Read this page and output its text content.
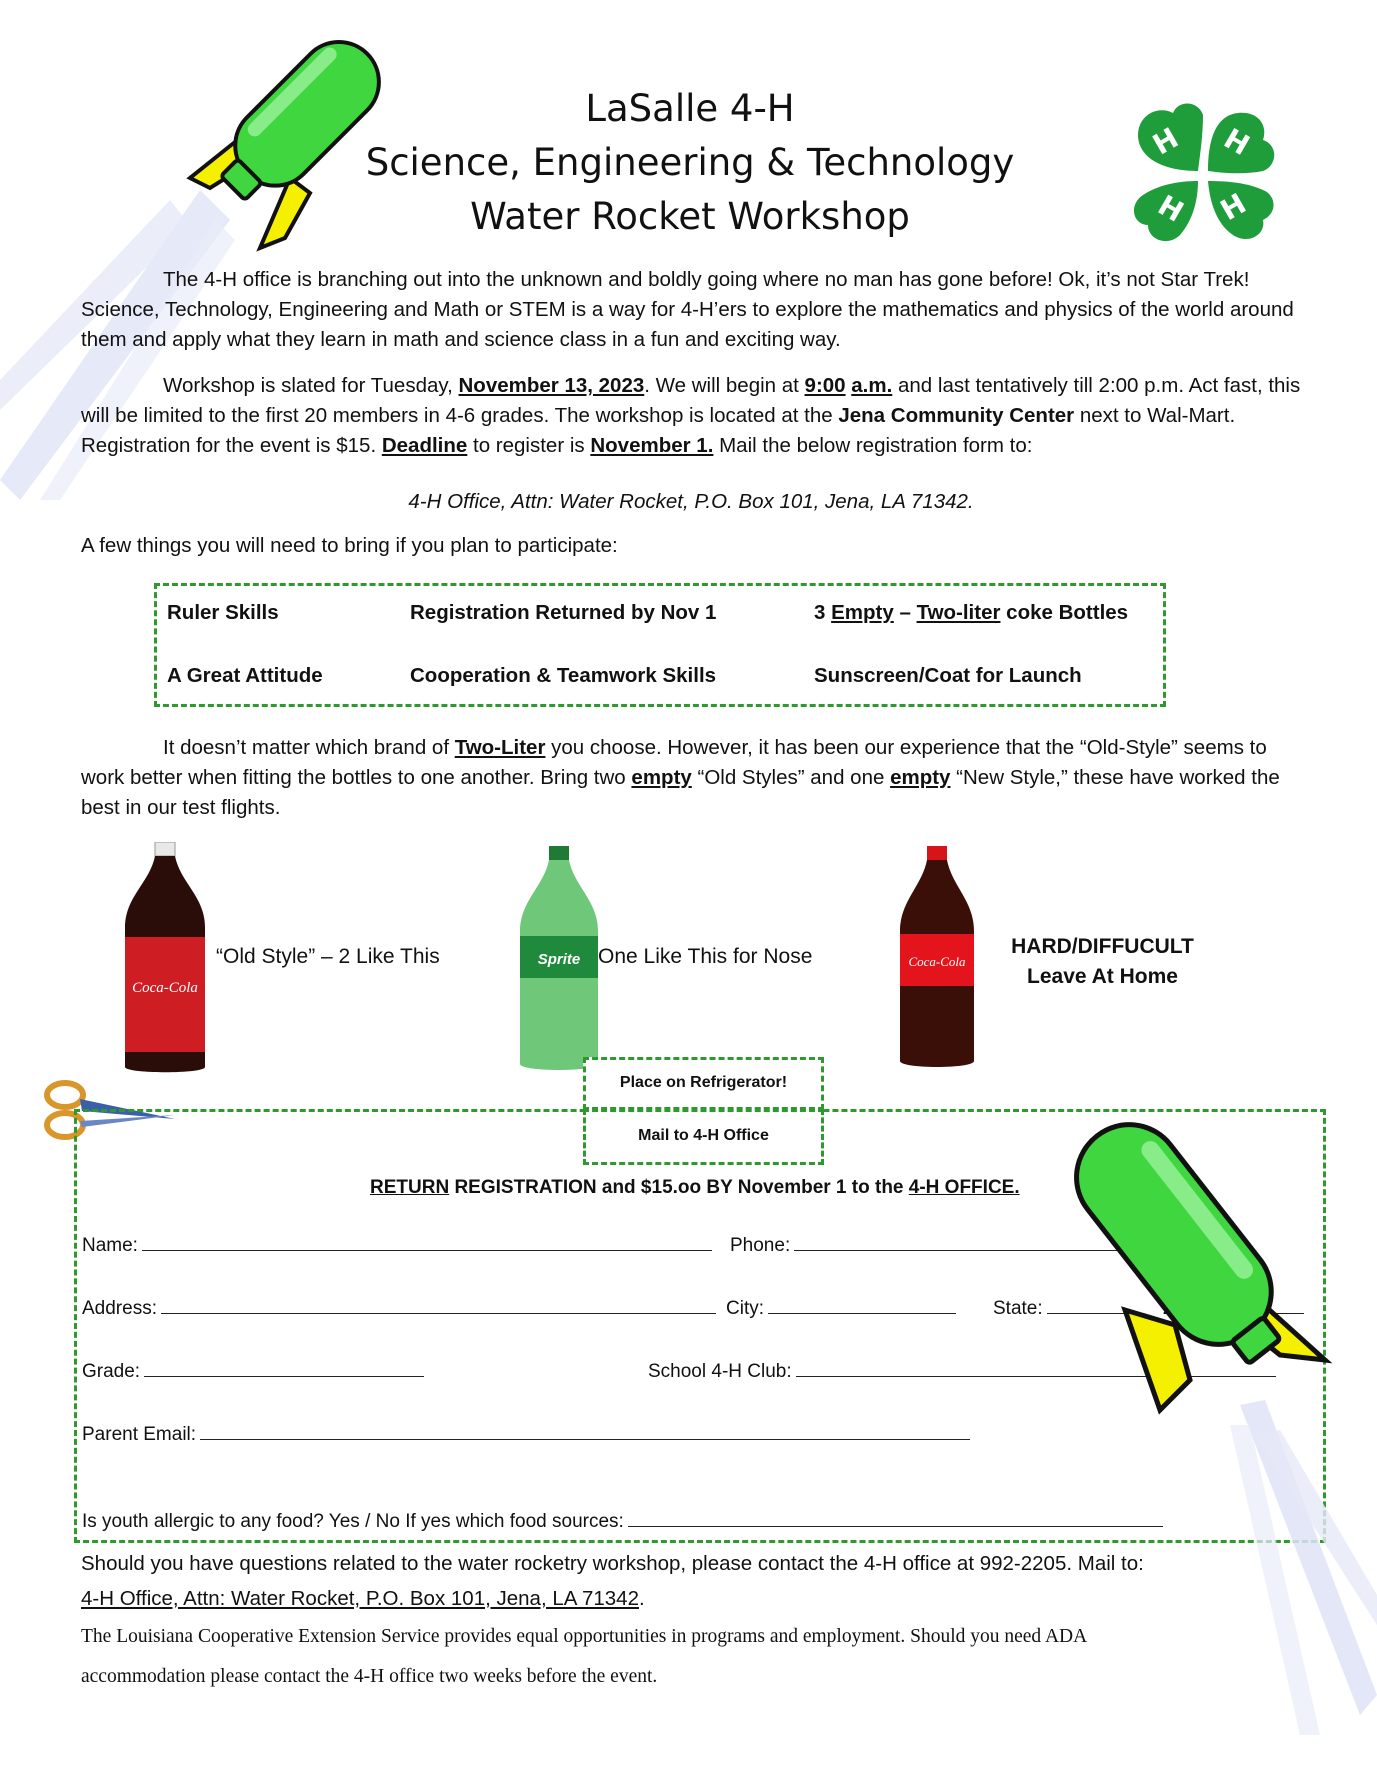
LaSalle 4-H
Science, Engineering & Technology
Water Rocket Workshop
H H
H H
The 4-H office is branching out into the unknown and boldly going where no man has gone before! Ok, it’s not Star Trek! Science, Technology, Engineering and Math or STEM is a way for 4-H’ers to explore the mathematics and physics of the world around them and apply what they learn in math and science class in a fun and exciting way.
Workshop is slated for Tuesday, November 13, 2023. We will begin at 9:00 a.m. and last tentatively till 2:00 p.m. Act fast, this will be limited to the first 20 members in 4-6 grades. The workshop is located at the Jena Community Center next to Wal-Mart. Registration for the event is $15. Deadline to register is November 1. Mail the below registration form to:
4-H Office, Attn: Water Rocket, P.O. Box 101, Jena, LA 71342.
A few things you will need to bring if you plan to participate:
Ruler Skills	Registration Returned by Nov 1	3 Empty – Two-liter coke Bottles
A Great Attitude	Cooperation & Teamwork Skills	Sunscreen/Coat for Launch
It doesn’t matter which brand of Two-Liter you choose. However, it has been our experience that the “Old-Style” seems to work better when fitting the bottles to one another. Bring two empty “Old Styles” and one empty “New Style,” these have worked the best in our test flights.
Coca-Cola
“Old Style” – 2 Like This	Sprite One Like This for Nose	Coca-Cola
HARD/DIFFUCULT
Leave At Home
Place on Refrigerator!
Mail to 4-H Office
RETURN REGISTRATION and $15.oo BY November 1 to the 4-H OFFICE.
Name:	Phone:
Address:	City:	State:
Grade:	School 4-H Club:
Parent Email:
Is youth allergic to any food? Yes / No If yes which food sources:
Should you have questions related to the water rocketry workshop, please contact the 4-H office at 992-2205. Mail to:
4-H Office, Attn: Water Rocket, P.O. Box 101, Jena, LA 71342.
The Louisiana Cooperative Extension Service provides equal opportunities in programs and employment. Should you need ADA
accommodation please contact the 4-H office two weeks before the event.
